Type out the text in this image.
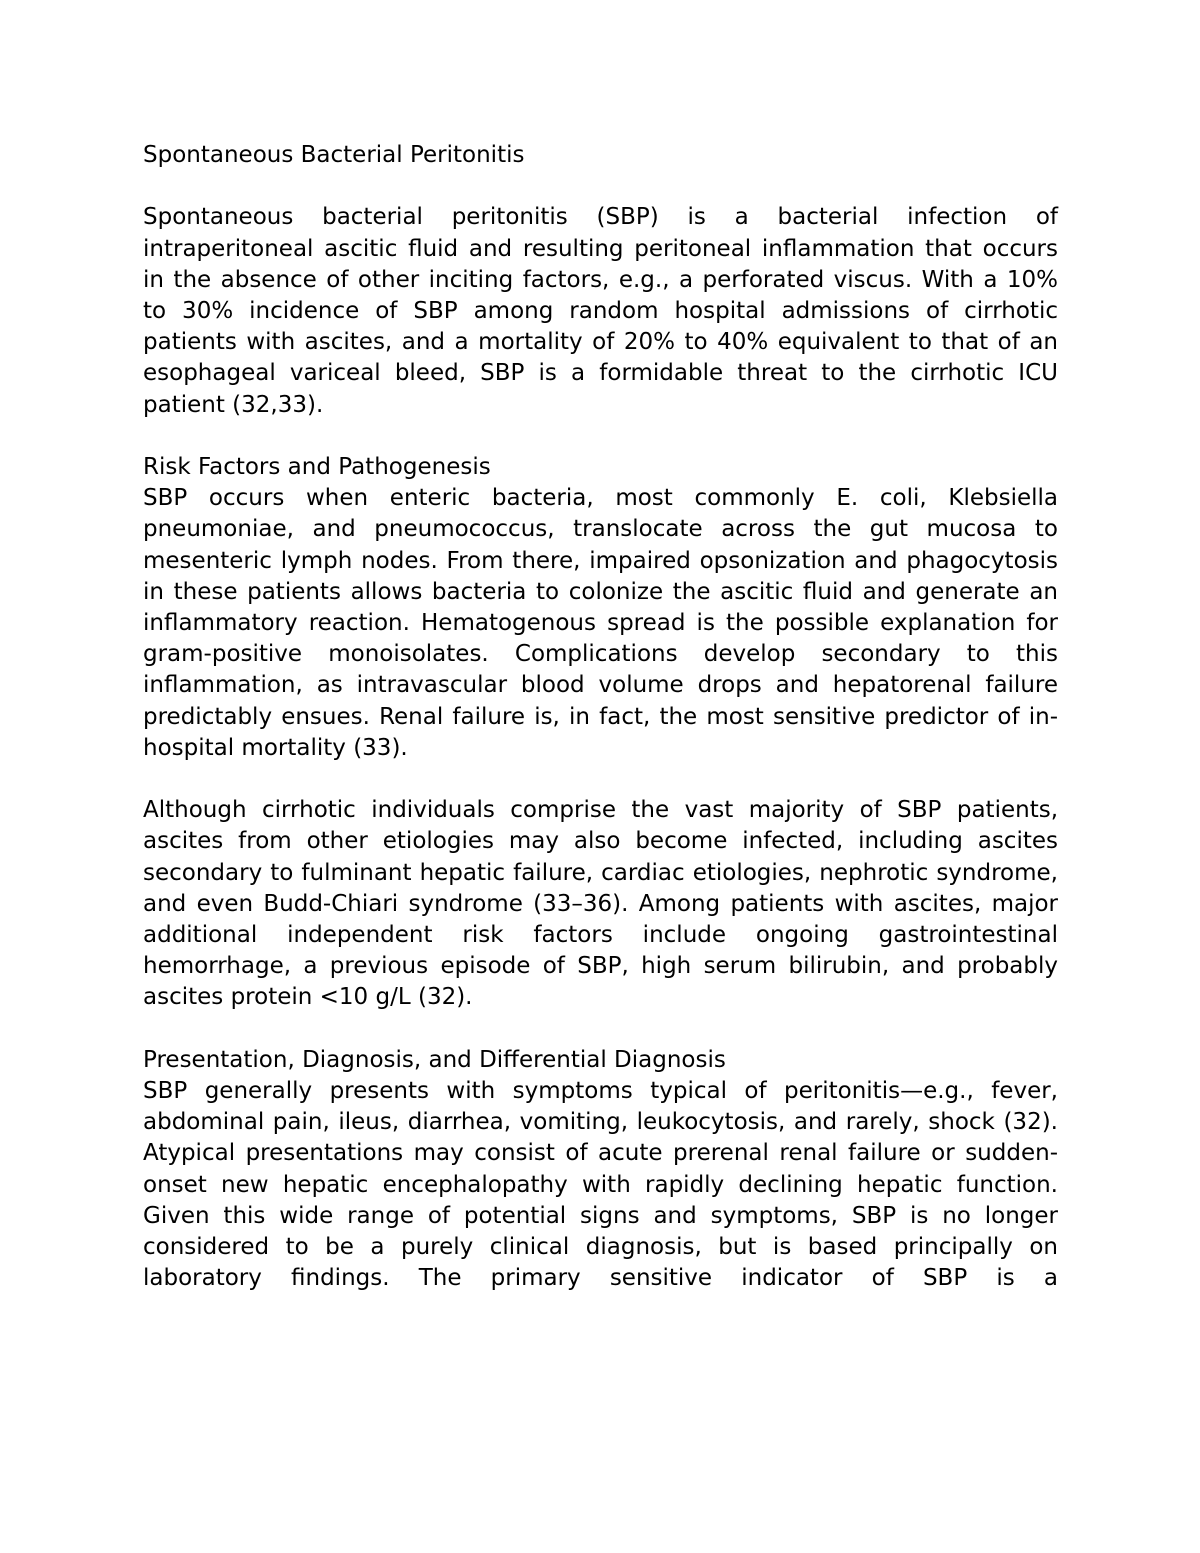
Spontaneous Bacterial Peritonitis

Spontaneous bacterial peritonitis (SBP) is a bacterial infection of intraperitoneal ascitic fluid and resulting peritoneal inflammation that occurs in the absence of other inciting factors, e.g., a perforated viscus. With a 10% to 30% incidence of SBP among random hospital admissions of cirrhotic patients with ascites, and a mortality of 20% to 40% equivalent to that of an esophageal variceal bleed, SBP is a formidable threat to the cirrhotic ICU patient (32,33).

Risk Factors and Pathogenesis

SBP occurs when enteric bacteria, most commonly E. coli, Klebsiella pneumoniae, and pneumococcus, translocate across the gut mucosa to mesenteric lymph nodes. From there, impaired opsonization and phagocytosis in these patients allows bacteria to colonize the ascitic fluid and generate an inflammatory reaction. Hematogenous spread is the possible explanation for gram-positive monoisolates. Complications develop secondary to this inflammation, as intravascular blood volume drops and hepatorenal failure predictably ensues. Renal failure is, in fact, the most sensitive predictor of in-hospital mortality (33).

Although cirrhotic individuals comprise the vast majority of SBP patients, ascites from other etiologies may also become infected, including ascites secondary to fulminant hepatic failure, cardiac etiologies, nephrotic syndrome, and even Budd-Chiari syndrome (33–36). Among patients with ascites, major additional independent risk factors include ongoing gastrointestinal hemorrhage, a previous episode of SBP, high serum bilirubin, and probably ascites protein <10 g/L (32).

Presentation, Diagnosis, and Differential Diagnosis

SBP generally presents with symptoms typical of peritonitis—e.g., fever, abdominal pain, ileus, diarrhea, vomiting, leukocytosis, and rarely, shock (32). Atypical presentations may consist of acute prerenal renal failure or sudden-onset new hepatic encephalopathy with rapidly declining hepatic function. Given this wide range of potential signs and symptoms, SBP is no longer considered to be a purely clinical diagnosis, but is based principally on laboratory findings. The primary sensitive indicator of SBP is a
